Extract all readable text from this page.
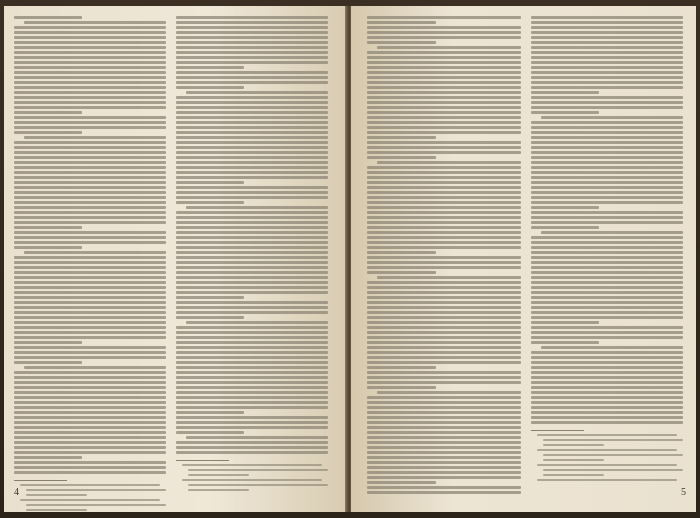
4	5
